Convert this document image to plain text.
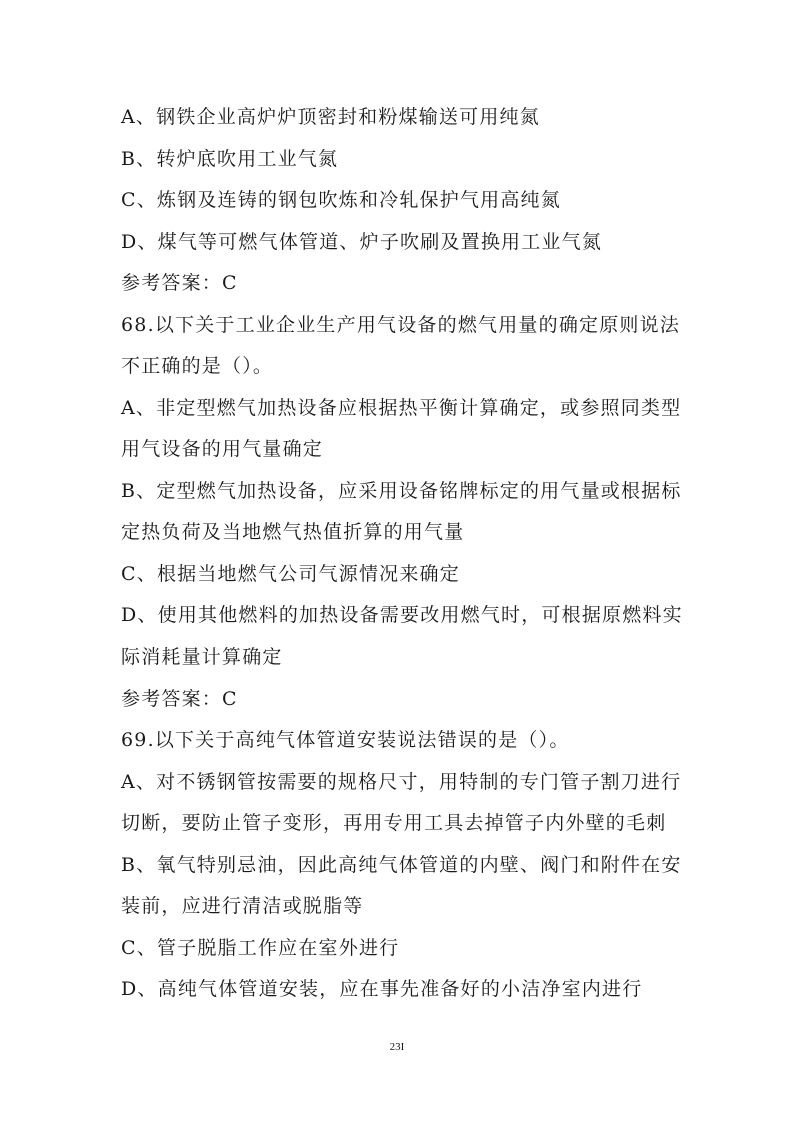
A、钢铁企业高炉炉顶密封和粉煤输送可用纯氮
B、转炉底吹用工业气氮
C、炼钢及连铸的钢包吹炼和冷轧保护气用高纯氮
D、煤气等可燃气体管道、炉子吹刷及置换用工业气氮
参考答案：C
68.以下关于工业企业生产用气设备的燃气用量的确定原则说法
不正确的是（）。
A、非定型燃气加热设备应根据热平衡计算确定，或参照同类型
用气设备的用气量确定
B、定型燃气加热设备，应采用设备铭牌标定的用气量或根据标
定热负荷及当地燃气热值折算的用气量
C、根据当地燃气公司气源情况来确定
D、使用其他燃料的加热设备需要改用燃气时，可根据原燃料实
际消耗量计算确定
参考答案：C
69.以下关于高纯气体管道安装说法错误的是（）。
A、对不锈钢管按需要的规格尺寸，用特制的专门管子割刀进行
切断，要防止管子变形，再用专用工具去掉管子内外壁的毛刺
B、氧气特别忌油，因此高纯气体管道的内壁、阀门和附件在安
装前，应进行清洁或脱脂等
C、管子脱脂工作应在室外进行
D、高纯气体管道安装，应在事先准备好的小洁净室内进行
23I
